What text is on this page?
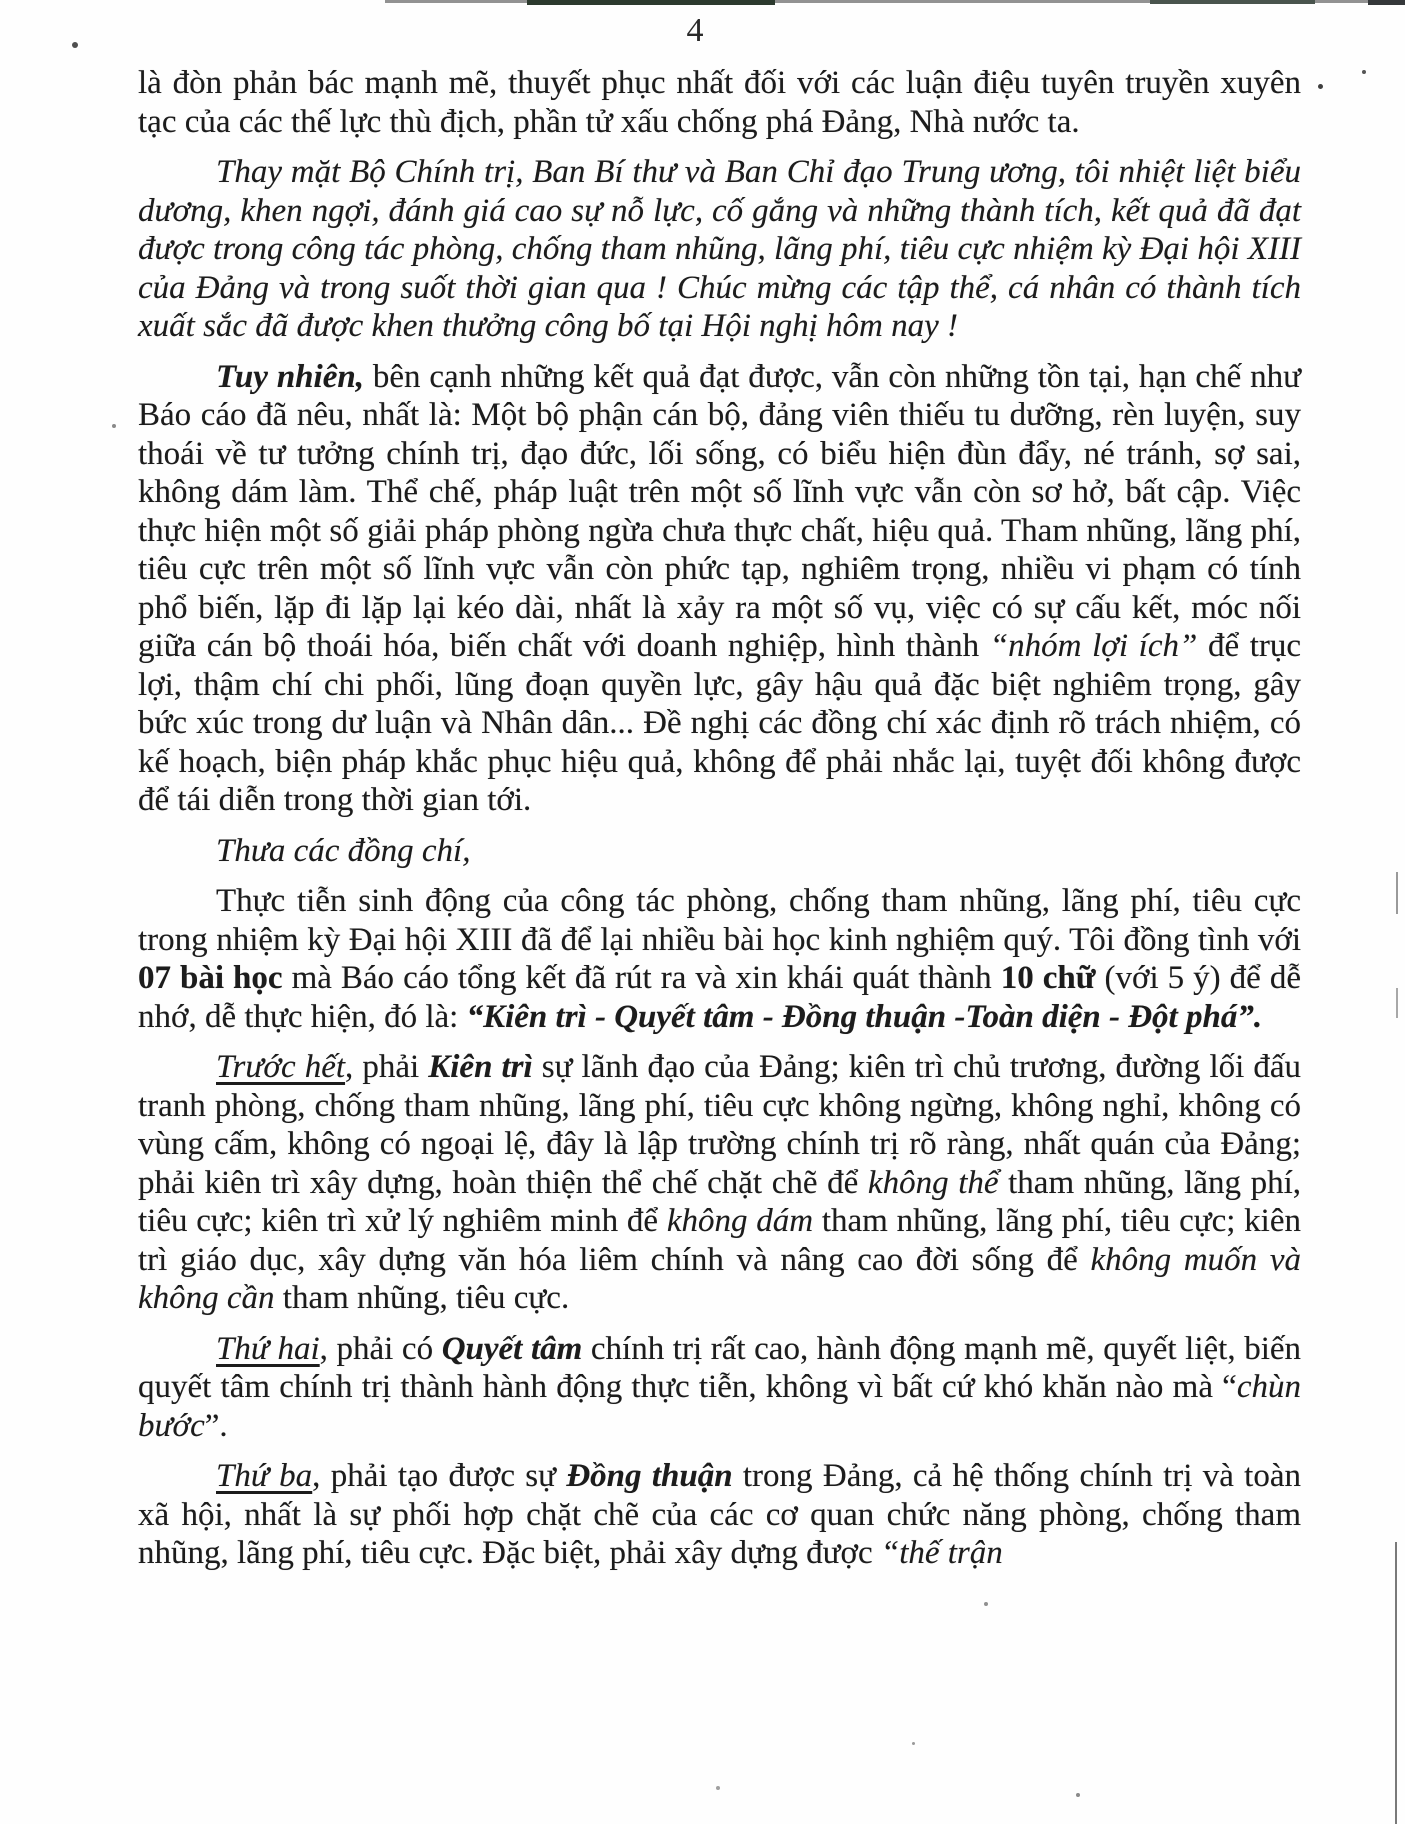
4

là đòn phản bác mạnh mẽ, thuyết phục nhất đối với các luận điệu tuyên truyền xuyên tạc của các thế lực thù địch, phần tử xấu chống phá Đảng, Nhà nước ta.

Thay mặt Bộ Chính trị, Ban Bí thư và Ban Chỉ đạo Trung ương, tôi nhiệt liệt biểu dương, khen ngợi, đánh giá cao sự nỗ lực, cố gắng và những thành tích, kết quả đã đạt được trong công tác phòng, chống tham nhũng, lãng phí, tiêu cực nhiệm kỳ Đại hội XIII của Đảng và trong suốt thời gian qua ! Chúc mừng các tập thể, cá nhân có thành tích xuất sắc đã được khen thưởng công bố tại Hội nghị hôm nay !

Tuy nhiên, bên cạnh những kết quả đạt được, vẫn còn những tồn tại, hạn chế như Báo cáo đã nêu, nhất là: Một bộ phận cán bộ, đảng viên thiếu tu dưỡng, rèn luyện, suy thoái về tư tưởng chính trị, đạo đức, lối sống, có biểu hiện đùn đẩy, né tránh, sợ sai, không dám làm. Thể chế, pháp luật trên một số lĩnh vực vẫn còn sơ hở, bất cập. Việc thực hiện một số giải pháp phòng ngừa chưa thực chất, hiệu quả. Tham nhũng, lãng phí, tiêu cực trên một số lĩnh vực vẫn còn phức tạp, nghiêm trọng, nhiều vi phạm có tính phổ biến, lặp đi lặp lại kéo dài, nhất là xảy ra một số vụ, việc có sự cấu kết, móc nối giữa cán bộ thoái hóa, biến chất với doanh nghiệp, hình thành “nhóm lợi ích” để trục lợi, thậm chí chi phối, lũng đoạn quyền lực, gây hậu quả đặc biệt nghiêm trọng, gây bức xúc trong dư luận và Nhân dân... Đề nghị các đồng chí xác định rõ trách nhiệm, có kế hoạch, biện pháp khắc phục hiệu quả, không để phải nhắc lại, tuyệt đối không được để tái diễn trong thời gian tới.

Thưa các đồng chí,

Thực tiễn sinh động của công tác phòng, chống tham nhũng, lãng phí, tiêu cực trong nhiệm kỳ Đại hội XIII đã để lại nhiều bài học kinh nghiệm quý. Tôi đồng tình với 07 bài học mà Báo cáo tổng kết đã rút ra và xin khái quát thành 10 chữ (với 5 ý) để dễ nhớ, dễ thực hiện, đó là: “Kiên trì - Quyết tâm - Đồng thuận -Toàn diện - Đột phá”.

Trước hết, phải Kiên trì sự lãnh đạo của Đảng; kiên trì chủ trương, đường lối đấu tranh phòng, chống tham nhũng, lãng phí, tiêu cực không ngừng, không nghỉ, không có vùng cấm, không có ngoại lệ, đây là lập trường chính trị rõ ràng, nhất quán của Đảng; phải kiên trì xây dựng, hoàn thiện thể chế chặt chẽ để không thể tham nhũng, lãng phí, tiêu cực; kiên trì xử lý nghiêm minh để không dám tham nhũng, lãng phí, tiêu cực; kiên trì giáo dục, xây dựng văn hóa liêm chính và nâng cao đời sống để không muốn và không cần tham nhũng, tiêu cực.

Thứ hai, phải có Quyết tâm chính trị rất cao, hành động mạnh mẽ, quyết liệt, biến quyết tâm chính trị thành hành động thực tiễn, không vì bất cứ khó khăn nào mà “chùn bước”.

Thứ ba, phải tạo được sự Đồng thuận trong Đảng, cả hệ thống chính trị và toàn xã hội, nhất là sự phối hợp chặt chẽ của các cơ quan chức năng phòng, chống tham nhũng, lãng phí, tiêu cực. Đặc biệt, phải xây dựng được “thế trận
